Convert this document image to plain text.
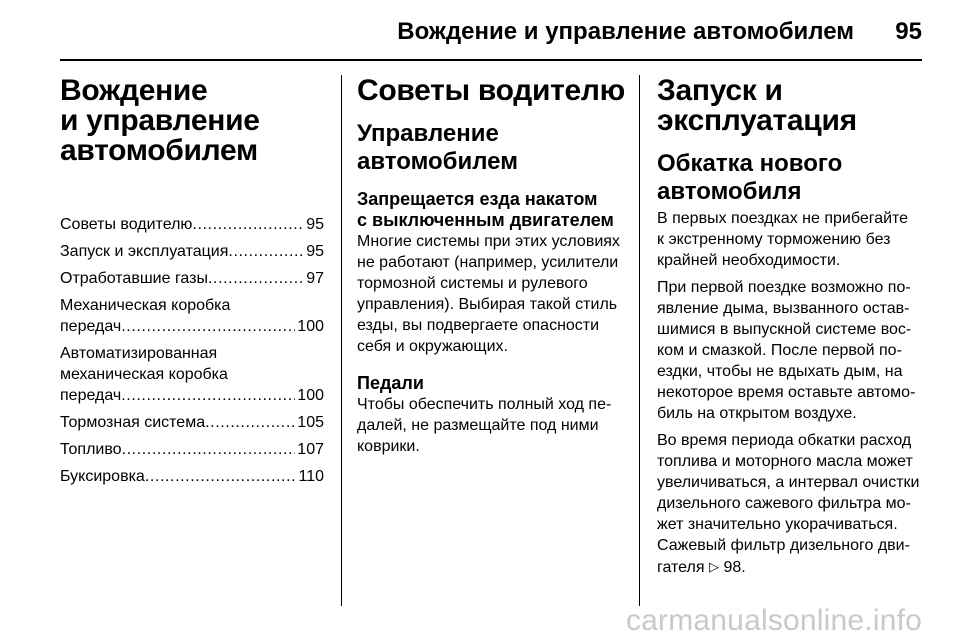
Вождение и управление автомобилем 95
Вождение
и управление
автомобилем
Советы водителю .....	95
Запуск и эксплуатация .....	95
Отработавшие газы .....	97
Механическая коробка
передач .....	100
Автоматизированная
механическая коробка
передач .....	100
Тормозная система .....	105
Топливо .....	107
Буксировка .....	110
Советы водителю
Управление
автомобилем
Запрещается езда накатом
с выключенным двигателем
Многие системы при этих условиях
не работают (например, усилители
тормозной системы и рулевого
управления). Выбирая такой стиль
езды, вы подвергаете опасности
себя и окружающих.
Педали
Чтобы обеспечить полный ход пе-
далей, не размещайте под ними
коврики.
Запуск и эксплуатация
Обкатка нового
автомобиля
В первых поездках не прибегайте
к экстренному торможению без
крайней необходимости.
При первой поездке возможно по-
явление дыма, вызванного остав-
шимися в выпускной системе вос-
ком и смазкой. После первой по-
ездки, чтобы не вдыхать дым, на
некоторое время оставьте автомо-
биль на открытом воздухе.
Во время периода обкатки расход
топлива и моторного масла может
увеличиваться, а интервал очистки
дизельного сажевого фильтра мо-
жет значительно укорачиваться.
Сажевый фильтр дизельного дви-
гателя ▷ 98.
carmanualsonline.info
